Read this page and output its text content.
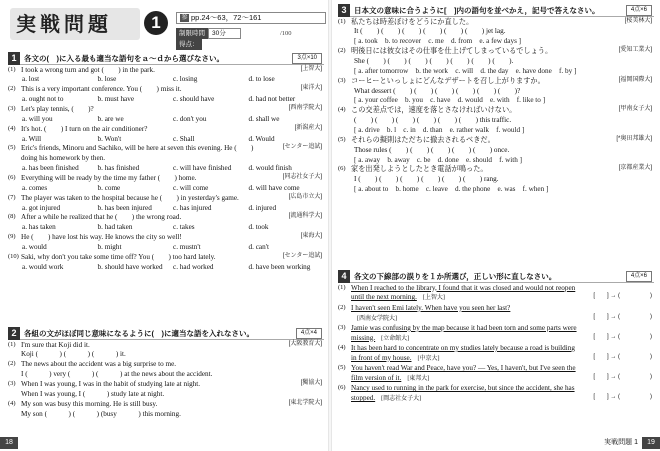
実戦問題	1	参 pp.24～63，72～161
制限時間 30分 得点：
/100
1 各文の(　)に入る最も適当な語句をａ～ｄから選びなさい。	3点×10
(1) I took a wrong turn and got (　　) in the park.	[上智大]
a. lost	b. lose	c. losing	d. to lose
(2) This is a very important conference. You (　　) miss it.	[東洋大]
a. ought not to	b. must have	c. should have	d. had not better
(3) Let's play tennis, (　　)?	[西南学院大]
a. will you	b. are we	c. don't you	d. shall we
(4) It's hot. (　　) I turn on the air conditioner?	[新潟産大]
a. Will	b. Won't	c. Shall	d. Would
(5) Eric's friends, Minoru and Sachiko, will be here at seven this evening. He (　　)	[センター追試]
doing his homework by then.
a. has been finished	b. has finished	c. will have finished	d. would finish
(6) Everything will be ready by the time my father (　　) home.	[同志社女子大]
a. comes	b. come	c. will come	d. will have come
(7) The player was taken to the hospital because he (　　) in yesterday's game.	[広島市立大]
a. got injured	b. has been injured	c. has injured	d. injured
(8) After a while he realized that he (　　) the wrong road.	[流通科学大]
a. has taken	b. had taken	c. takes	d. took
(9) He (　　) have lost his way. He knows the city so well!	[東海大]
a. would	b. might	c. mustn't	d. can't
(10) Saki, why don't you take some time off? You (　　) too hard lately.	[センター追試]
a. would work	b. should have worked	c. had worked	d. have been working
2 各組の文がほぼ同じ意味になるように(　)に適当な語を入れなさい。	4点×4
(1) I'm sure that Koji did it.	[大阪教育大]
Koji (　　　) (　　　) (　　　) it.
(2) The news about the accident was a big surprise to me.
I (　　　) very (　　　) (　　　) at the news about the accident.
(3) When I was young, I was in the habit of studying late at night.	[獨協大]
When I was young, I (　　　) study late at night.
(4) My son was busy this morning. He is still busy.	[東北学院大]
My son (　　　) (　　　) (busy　　　) this morning.
18
3 日本文の意味に合うように[　]内の語句を並べかえ，記号で答えなさい。	4点×6
(1) 私たちは時差ぼけをどうにか直した。	[桜美林大]
It (　　) (　　) (　　) (　　) (　　) (　　) jet lag.
[ a. took　b. to recover　c. me　d. from　e. a few days ]
(2) 明後日には彼女はその仕事を仕上げてしまっているでしょう。	[愛知工業大]
She (　　) (　　) (　　) (　　) (　　) (　　) (　　).
[ a. after tomorrow　b. the work　c. will　d. the day　e. have done　f. by ]
(3) コーヒーといっしょにどんなデザートを召し上がりますか。	[福岡国際大]
What dessert (　　) (　　) (　　) (　　) (　　) (　　)?
[ a. your coffee　b. you　c. have　d. would　e. with　f. like to ]
(4) この交差点では，速度を落とさなければいけない。	[甲南女子大]
(　　) (　　) (　　) (　　) (　　) (　　) this traffic.
[ a. drive　b. l　c. in　d. than　e. rather walk　f. would ]
(5) それらの擬則はただちに撤去されるべきだ。	[*奥田邦雄大]
Those rules (　　) (　　) (　　) (　　) (　　) once.
[ a. away　b. away　c. be　d. done　e. should　f. with ]
(6) 家を出発しようとしたとき電話が鳴った。	[京都産業大]
I (　　) (　　) (　　) (　　) (　　) (　　) rang.
[ a. about to　b. home　c. leave　d. the phone　e. was　f. when ]
4 各文の下線部の誤りを１か所選び，正しい形に直しなさい。	4点×6
(1) When I reached to the library, I found that it was closed and would not reopen
until the next morning. [上智大]	[　　] → (　　　　　)
(2) I haven't seen Emi lately. When have you seen her last?
[西南女学院大]	[　　] → (　　　　　)
(3) Jamie was confusing by the map because it had been torn and some parts were
missing. [立命館大]	[　　] → (　　　　　)
(4) It has been hard to concentrate on my studies lately because a road is building
in front of my house. [中京大]	[　　] → (　　　　　)
(5) You haven't read War and Peace, have you? — Yes, I haven't, but I've seen the
film version of it. [東邦大]	[　　] → (　　　　　)
(6) Nancy used to running in the park for exercise, but since the accident, she has
stopped. [岡志社女子大]	[　　] → (　　　　　)
実戦問題 1	19
